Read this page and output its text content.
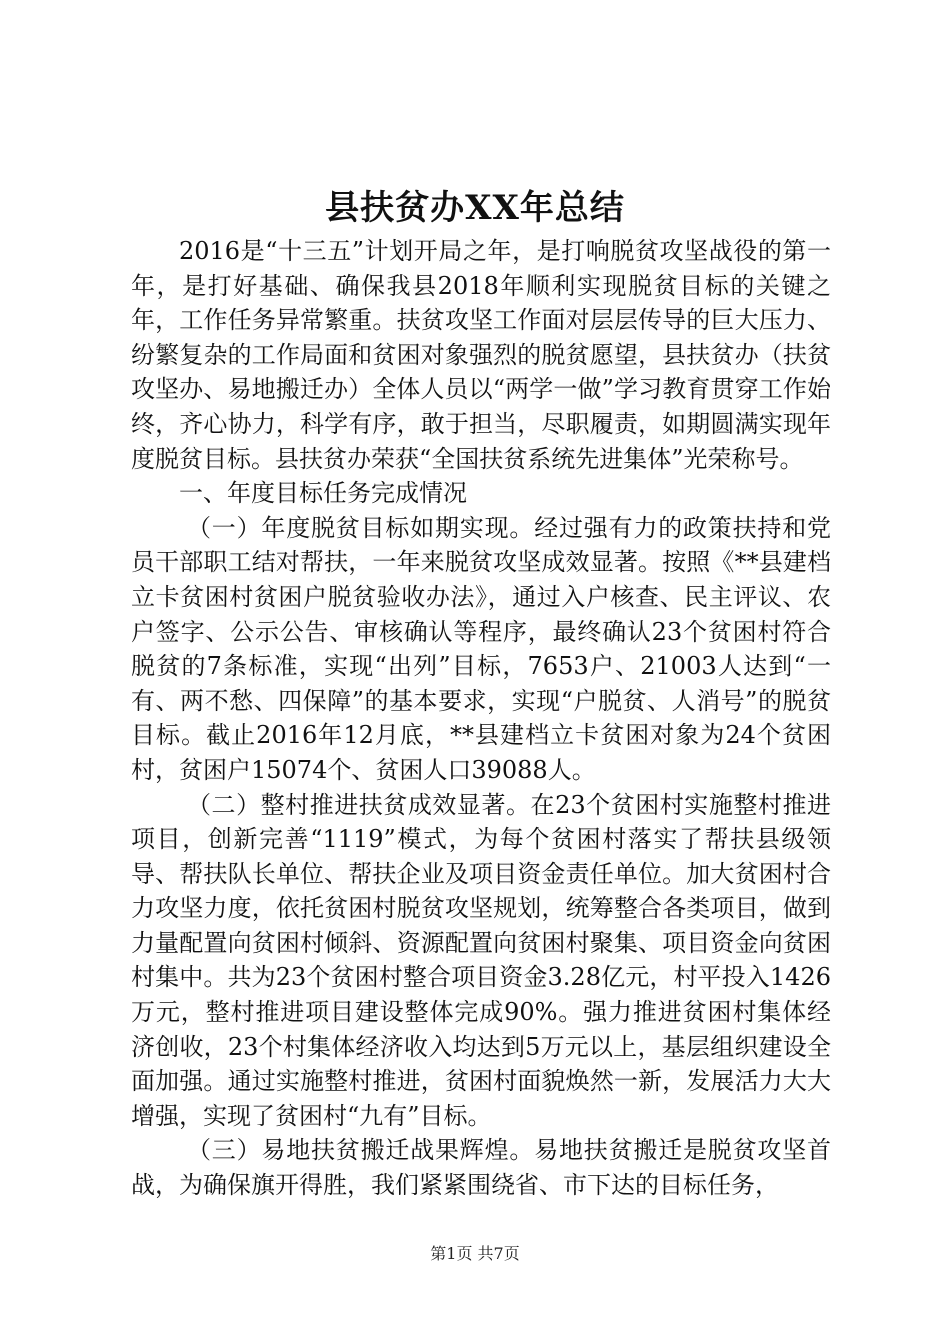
县扶贫办XX年总结

2016是“十三五”计划开局之年，是打响脱贫攻坚战役的第一年，是打好基础、确保我县2018年顺利实现脱贫目标的关键之年，工作任务异常繁重。扶贫攻坚工作面对层层传导的巨大压力、纷繁复杂的工作局面和贫困对象强烈的脱贫愿望，县扶贫办（扶贫攻坚办、易地搬迁办）全体人员以“两学一做”学习教育贯穿工作始终，齐心协力，科学有序，敢于担当，尽职履责，如期圆满实现年度脱贫目标。县扶贫办荣获“全国扶贫系统先进集体”光荣称号。

一、年度目标任务完成情况

（一）年度脱贫目标如期实现。经过强有力的政策扶持和党员干部职工结对帮扶，一年来脱贫攻坚成效显著。按照《**县建档立卡贫困村贫困户脱贫验收办法》，通过入户核查、民主评议、农户签字、公示公告、审核确认等程序，最终确认23个贫困村符合脱贫的7条标准，实现“出列”目标，7653户、21003人达到“一有、两不愁、四保障”的基本要求，实现“户脱贫、人消号”的脱贫目标。截止2016年12月底，**县建档立卡贫困对象为24个贫困村，贫困户15074个、贫困人口39088人。

（二）整村推进扶贫成效显著。在23个贫困村实施整村推进项目，创新完善“1119”模式，为每个贫困村落实了帮扶县级领导、帮扶队长单位、帮扶企业及项目资金责任单位。加大贫困村合力攻坚力度，依托贫困村脱贫攻坚规划，统筹整合各类项目，做到力量配置向贫困村倾斜、资源配置向贫困村聚集、项目资金向贫困村集中。共为23个贫困村整合项目资金3.28亿元，村平投入1426万元，整村推进项目建设整体完成90%。强力推进贫困村集体经济创收，23个村集体经济收入均达到5万元以上，基层组织建设全面加强。通过实施整村推进，贫困村面貌焕然一新，发展活力大大增强，实现了贫困村“九有”目标。

（三）易地扶贫搬迁战果辉煌。易地扶贫搬迁是脱贫攻坚首战，为确保旗开得胜，我们紧紧围绕省、市下达的目标任务，

第1页 共7页
